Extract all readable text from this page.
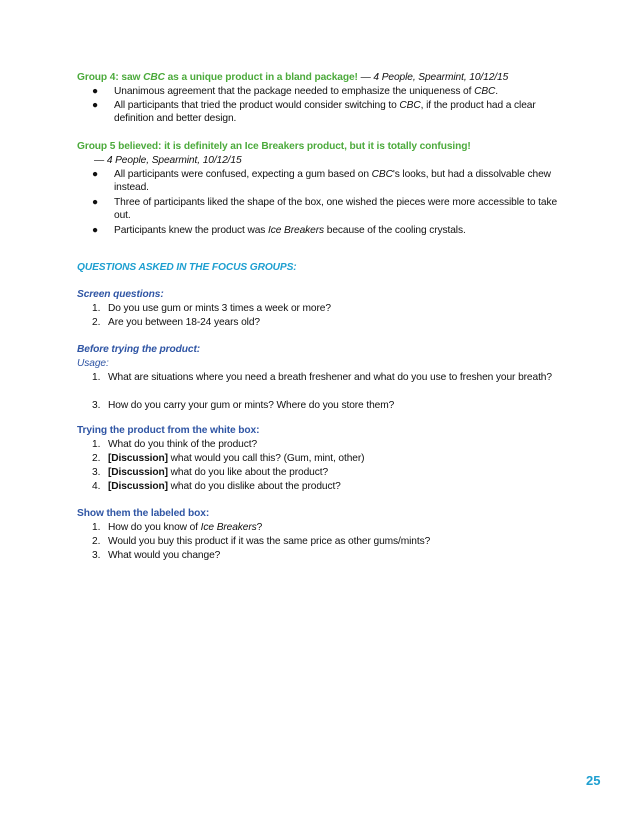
Group 4: saw CBC as a unique product in a bland package! — 4 People, Spearmint, 10/12/15
● Unanimous agreement that the package needed to emphasize the uniqueness of CBC.
● All participants that tried the product would consider switching to CBC, if the product had a clear definition and better design.
Group 5 believed: it is definitely an Ice Breakers product, but it is totally confusing!
— 4 People, Spearmint, 10/12/15
● All participants were confused, expecting a gum based on CBC's looks, but had a dissolvable chew instead.
● Three of participants liked the shape of the box, one wished the pieces were more accessible to take out.
● Participants knew the product was Ice Breakers because of the cooling crystals.
QUESTIONS ASKED IN THE FOCUS GROUPS:
Screen questions:
1. Do you use gum or mints 3 times a week or more?
2. Are you between 18-24 years old?
Before trying the product:
Usage:
1. What are situations where you need a breath freshener and what do you use to freshen your breath?
3. How do you carry your gum or mints? Where do you store them?
Trying the product from the white box:
1. What do you think of the product?
2. [Discussion] what would you call this? (Gum, mint, other)
3. [Discussion] what do you like about the product?
4. [Discussion] what do you dislike about the product?
Show them the labeled box:
1. How do you know of Ice Breakers?
2. Would you buy this product if it was the same price as other gums/mints?
3. What would you change?
25
